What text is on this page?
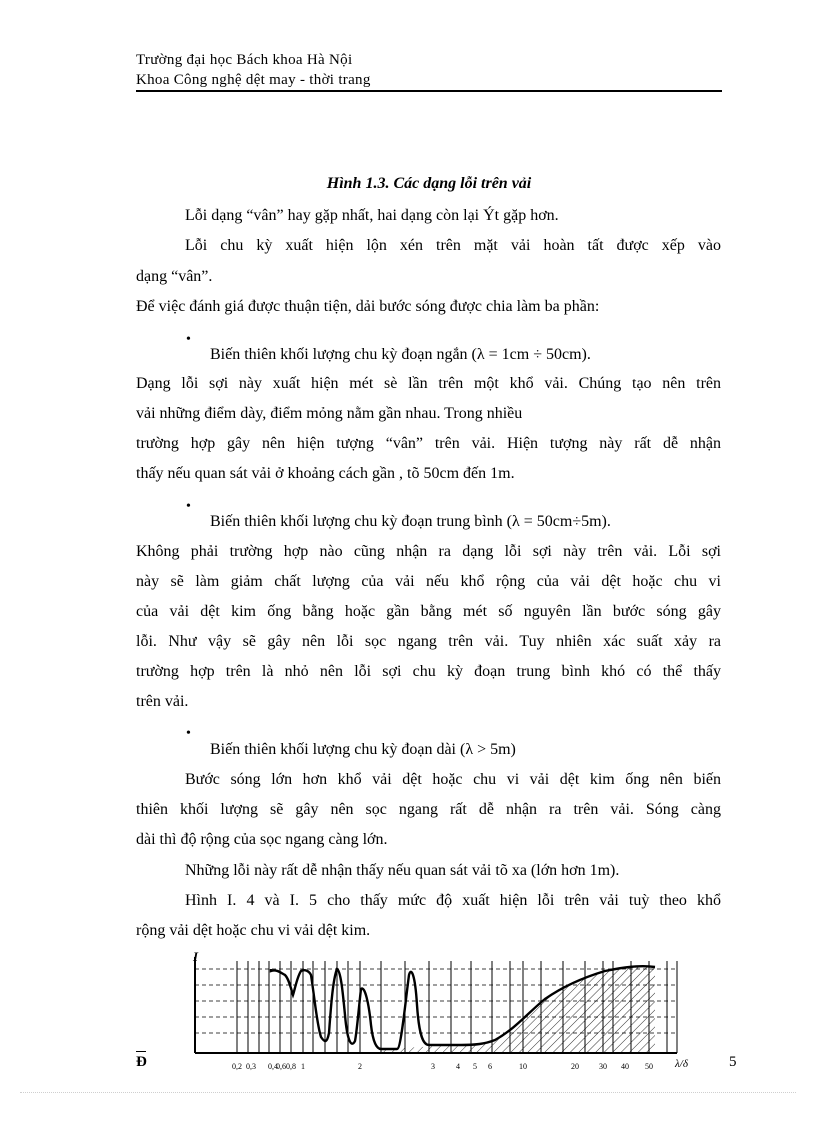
Trường đại học Bách khoa Hà Nội
Khoa Công nghệ dệt may - thời trang
Hình 1.3. Các dạng lỗi trên vải
Lỗi dạng “vân” hay gặp nhất, hai dạng còn lại Ýt gặp hơn.
Lỗi chu kỳ xuất hiện lộn xén trên mặt vải hoàn tất được xếp vào
dạng “vân”.
Để việc đánh giá được thuận tiện, dải bước sóng được chia làm ba phần:
•
Biến thiên khối lượng chu kỳ đoạn ngắn (λ = 1cm ÷ 50cm).
Dạng lỗi sợi này xuất hiện mét sè lần trên một khổ vải. Chúng tạo nên trên
vải những điểm dày, điểm mỏng nằm gần nhau. Trong nhiều
trường hợp gây nên hiện tượng “vân” trên vải. Hiện tượng này rất dễ nhận
thấy nếu quan sát vải ở khoảng cách gần , tõ 50cm đến 1m.
•
Biến thiên khối lượng chu kỳ đoạn trung bình (λ = 50cm÷5m).
Không phải trường hợp nào cũng nhận ra dạng lỗi sợi này trên vải. Lỗi sợi
này sẽ làm giảm chất lượng của vải nếu khổ rộng của vải dệt hoặc chu vi
của vải dệt kim ống bằng hoặc gần bằng mét số nguyên lần bước sóng gây
lỗi. Như vậy sẽ gây nên lỗi sọc ngang trên vải. Tuy nhiên xác suất xảy ra
trường hợp trên là nhỏ nên lỗi sợi chu kỳ đoạn trung bình khó có thể thấy
trên vải.
•
Biến thiên khối lượng chu kỳ đoạn dài (λ > 5m)
Bước sóng lớn hơn khổ vải dệt hoặc chu vi vải dệt kim ống nên biến
thiên khối lượng sẽ gây nên sọc ngang rất dễ nhận ra trên vải. Sóng càng
dài thì độ rộng của sọc ngang càng lớn.
Những lỗi này rất dễ nhận thấy nếu quan sát vải tõ xa (lớn hơn 1m).
Hình I. 4 và I. 5 cho thấy mức độ xuất hiện lỗi trên vải tuỳ theo khổ
rộng vải dệt hoặc chu vi vải dệt kim.
I
λ/δ
0,2 0,3 0,4
0,6 0,8 1	2	3	4 5 6	10	20	30 40 50
Đ	5
